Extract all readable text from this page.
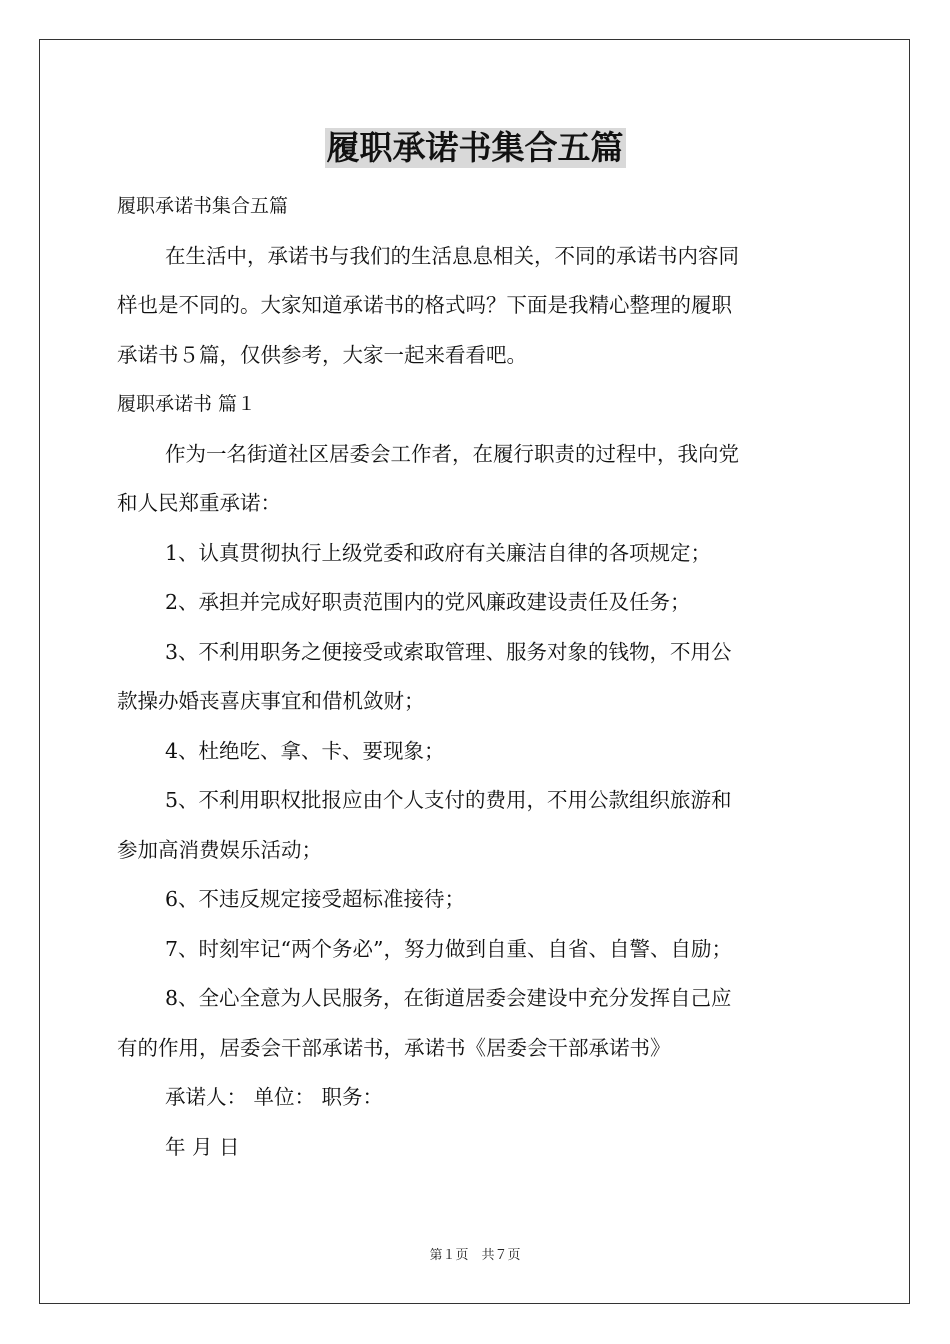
履职承诺书集合五篇

履职承诺书集合五篇

在生活中，承诺书与我们的生活息息相关，不同的承诺书内容同

样也是不同的。大家知道承诺书的格式吗？下面是我精心整理的履职

承诺书５篇，仅供参考，大家一起来看看吧。

履职承诺书 篇１

作为一名街道社区居委会工作者，在履行职责的过程中，我向党

和人民郑重承诺：

1、认真贯彻执行上级党委和政府有关廉洁自律的各项规定；

2、承担并完成好职责范围内的党风廉政建设责任及任务；

3、不利用职务之便接受或索取管理、服务对象的钱物，不用公

款操办婚丧喜庆事宜和借机敛财；

4、杜绝吃、拿、卡、要现象；

5、不利用职权批报应由个人支付的费用，不用公款组织旅游和

参加高消费娱乐活动；

6、不违反规定接受超标准接待；

7、时刻牢记“两个务必”，努力做到自重、自省、自警、自励；

8、全心全意为人民服务，在街道居委会建设中充分发挥自己应

有的作用，居委会干部承诺书，承诺书《居委会干部承诺书》

承诺人： 单位： 职务：

年 月 日

第１页　共７页
